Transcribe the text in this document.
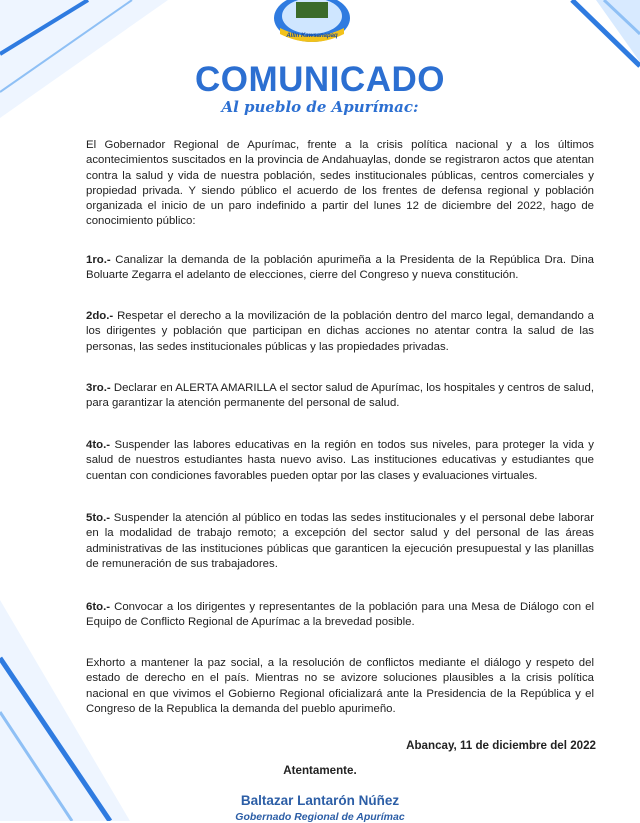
Allin Kawsanapaq
COMUNICADO
Al pueblo de Apurímac:

El Gobernador Regional de Apurímac, frente a la crisis política nacional y a los últimos acontecimientos suscitados en la provincia de Andahuaylas, donde se registraron actos que atentan contra la salud y vida de nuestra población, sedes institucionales públicas, centros comerciales y propiedad privada. Y siendo público el acuerdo de los frentes de defensa regional y población organizada el inicio de un paro indefinido a partir del lunes 12 de diciembre del 2022, hago de conocimiento público:

1ro.- Canalizar la demanda de la población apurimeña a la Presidenta de la República Dra. Dina Boluarte Zegarra el adelanto de elecciones, cierre del Congreso y nueva constitución.

2do.- Respetar el derecho a la movilización de la población dentro del marco legal, demandando a los dirigentes y población que participan en dichas acciones no atentar contra la salud de las personas, las sedes institucionales públicas y las propiedades privadas.

3ro.- Declarar en ALERTA AMARILLA el sector salud de Apurímac, los hospitales y centros de salud, para garantizar la atención permanente del personal de salud.

4to.- Suspender las labores educativas en la región en todos sus niveles, para proteger la vida y salud de nuestros estudiantes hasta nuevo aviso. Las instituciones educativas y estudiantes que cuentan con condiciones favorables pueden optar por las clases y evaluaciones virtuales.

5to.- Suspender la atención al público en todas las sedes institucionales y el personal debe laborar en la modalidad de trabajo remoto; a excepción del sector salud y del personal de las áreas administrativas de las instituciones públicas que garanticen la ejecución presupuestal y las planillas de remuneración de sus trabajadores.

6to.- Convocar a los dirigentes y representantes de la población para una Mesa de Diálogo con el Equipo de Conflicto Regional de Apurímac a la brevedad posible.

Exhorto a mantener la paz social, a la resolución de conflictos mediante el diálogo y respeto del estado de derecho en el país. Mientras no se avizore soluciones plausibles a la crisis política nacional en que vivimos el Gobierno Regional oficializará ante la Presidencia de la República y el Congreso de la Republica la demanda del pueblo apurimeño.

Abancay, 11 de diciembre del 2022
Atentamente.
Baltazar Lantarón Núñez
Gobernado Regional de Apurímac
